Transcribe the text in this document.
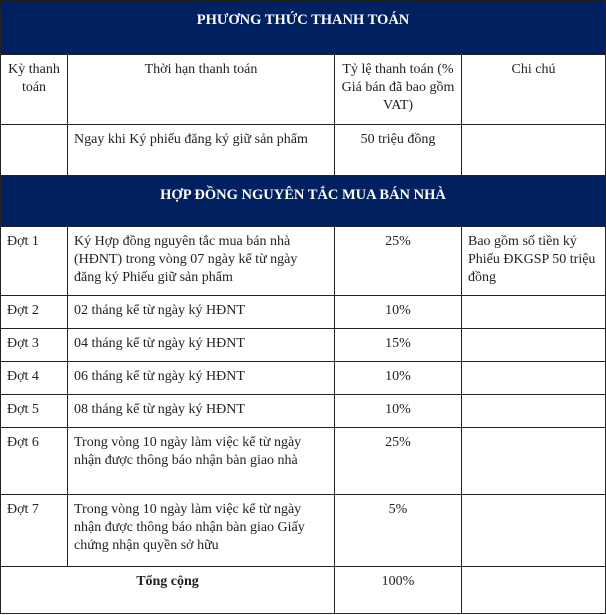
PHƯƠNG THỨC THANH TOÁN			
Kỳ thanh toán	Thời hạn thanh toán	Tỷ lệ thanh toán (% Giá bán đã bao gồm VAT)	Chi chú
	Ngay khi Ký phiếu đăng ký giữ sản phẩm	50 triệu đồng	
HỢP ĐỒNG NGUYÊN TẮC MUA BÁN NHÀ			
Đợt 1	Ký Hợp đồng nguyên tắc mua bán nhà (HĐNT) trong vòng 07 ngày kể từ ngày đăng ký Phiếu giữ sản phẩm	25%	Bao gồm số tiền ký Phiếu ĐKGSP 50 triệu đồng
Đợt 2	02 tháng kể từ ngày ký HĐNT	10%	
Đợt 3	04 tháng kể từ ngày ký HĐNT	15%	
Đợt 4	06 tháng kể từ ngày ký HĐNT	10%	
Đợt 5	08 tháng kể từ ngày ký HĐNT	10%	
Đợt 6	Trong vòng 10 ngày làm việc kể từ ngày nhận được thông báo nhận bàn giao nhà	25%	
Đợt 7	Trong vòng 10 ngày làm việc kể từ ngày nhận được thông báo nhận bàn giao Giấy chứng nhận quyền sở hữu	5%	
Tổng cộng		100%	
